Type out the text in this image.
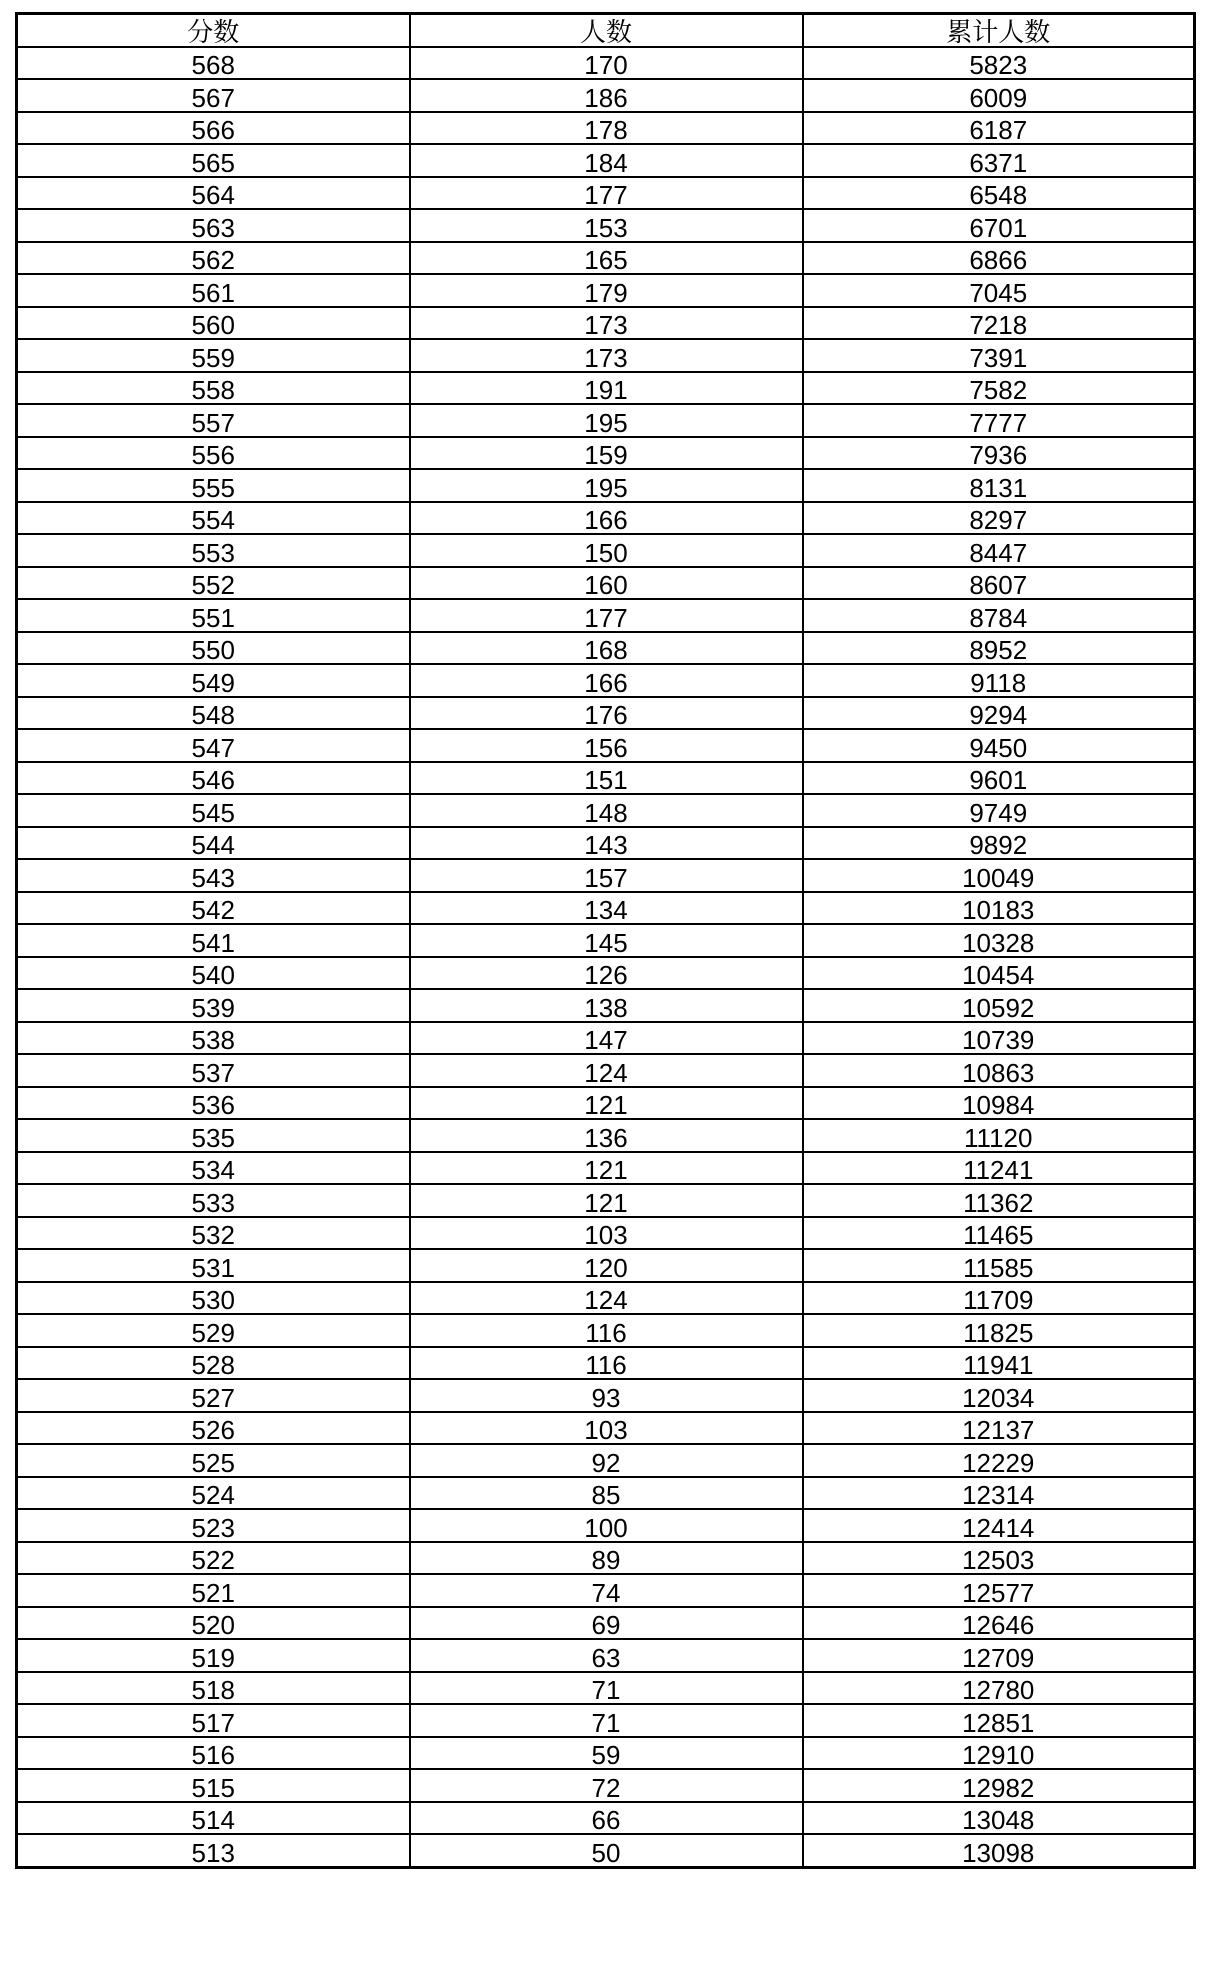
分数	人数	累计人数
568	170	5823
567	186	6009
566	178	6187
565	184	6371
564	177	6548
563	153	6701
562	165	6866
561	179	7045
560	173	7218
559	173	7391
558	191	7582
557	195	7777
556	159	7936
555	195	8131
554	166	8297
553	150	8447
552	160	8607
551	177	8784
550	168	8952
549	166	9118
548	176	9294
547	156	9450
546	151	9601
545	148	9749
544	143	9892
543	157	10049
542	134	10183
541	145	10328
540	126	10454
539	138	10592
538	147	10739
537	124	10863
536	121	10984
535	136	11120
534	121	11241
533	121	11362
532	103	11465
531	120	11585
530	124	11709
529	116	11825
528	116	11941
527	93	12034
526	103	12137
525	92	12229
524	85	12314
523	100	12414
522	89	12503
521	74	12577
520	69	12646
519	63	12709
518	71	12780
517	71	12851
516	59	12910
515	72	12982
514	66	13048
513	50	13098
